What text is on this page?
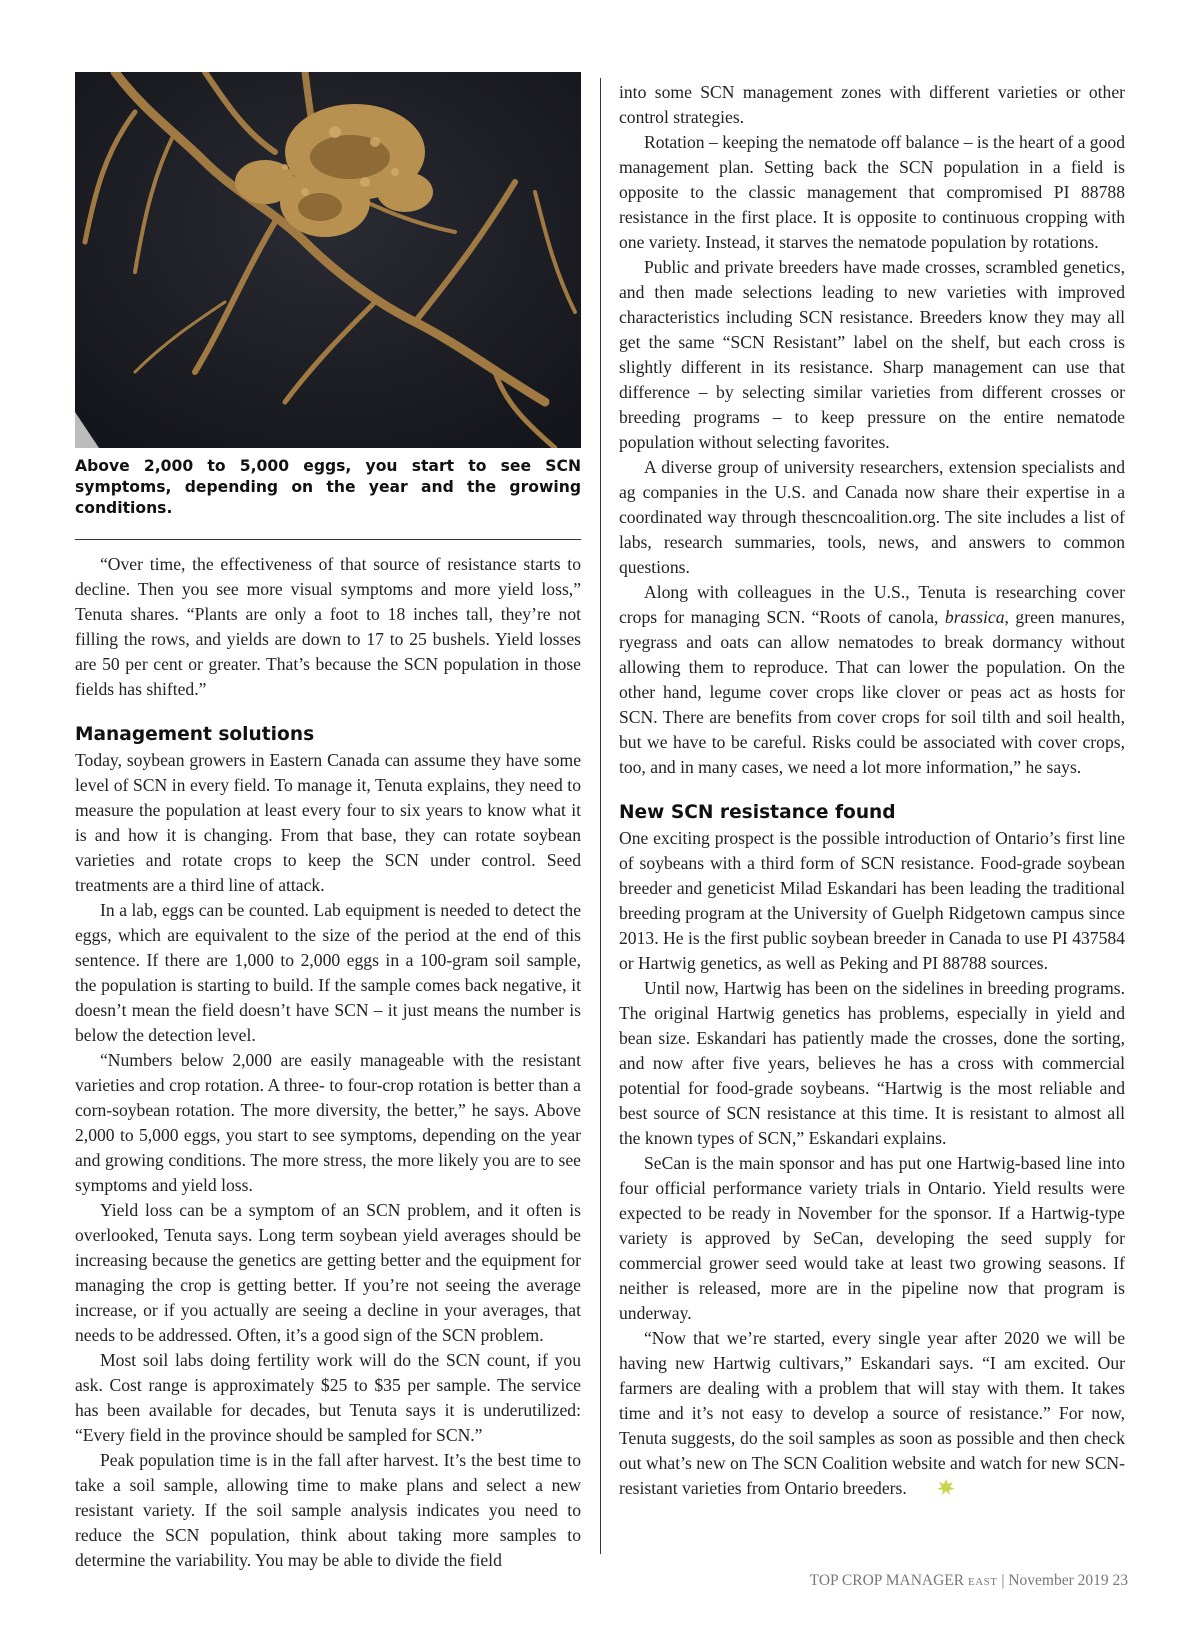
Above 2,000 to 5,000 eggs, you start to see SCN symptoms, depending on the year and the growing conditions.

“Over time, the effectiveness of that source of resistance starts to decline. Then you see more visual symptoms and more yield loss,” Tenuta shares. “Plants are only a foot to 18 inches tall, they’re not filling the rows, and yields are down to 17 to 25 bushels. Yield losses are 50 per cent or greater. That’s because the SCN population in those fields has shifted.”

Management solutions

Today, soybean growers in Eastern Canada can assume they have some level of SCN in every field. To manage it, Tenuta explains, they need to measure the population at least every four to six years to know what it is and how it is changing. From that base, they can rotate soybean varieties and rotate crops to keep the SCN under control. Seed treatments are a third line of attack.

In a lab, eggs can be counted. Lab equipment is needed to detect the eggs, which are equivalent to the size of the period at the end of this sentence. If there are 1,000 to 2,000 eggs in a 100-gram soil sample, the population is starting to build. If the sample comes back negative, it doesn’t mean the field doesn’t have SCN – it just means the number is below the detection level.

“Numbers below 2,000 are easily manageable with the resistant varieties and crop rotation. A three- to four-crop rotation is better than a corn-soybean rotation. The more diversity, the better,” he says. Above 2,000 to 5,000 eggs, you start to see symptoms, depending on the year and growing conditions. The more stress, the more likely you are to see symptoms and yield loss.

Yield loss can be a symptom of an SCN problem, and it often is overlooked, Tenuta says. Long term soybean yield averages should be increasing because the genetics are getting better and the equipment for managing the crop is getting better. If you’re not seeing the average increase, or if you actually are seeing a decline in your averages, that needs to be addressed. Often, it’s a good sign of the SCN problem.

Most soil labs doing fertility work will do the SCN count, if you ask. Cost range is approximately $25 to $35 per sample. The service has been available for decades, but Tenuta says it is underutilized: “Every field in the province should be sampled for SCN.”

Peak population time is in the fall after harvest. It’s the best time to take a soil sample, allowing time to make plans and select a new resistant variety. If the soil sample analysis indicates you need to reduce the SCN population, think about taking more samples to determine the variability. You may be able to divide the field

into some SCN management zones with different varieties or other control strategies.

Rotation – keeping the nematode off balance – is the heart of a good management plan. Setting back the SCN population in a field is opposite to the classic management that compromised PI 88788 resistance in the first place. It is opposite to continuous cropping with one variety. Instead, it starves the nematode population by rotations.

Public and private breeders have made crosses, scrambled genetics, and then made selections leading to new varieties with improved characteristics including SCN resistance. Breeders know they may all get the same “SCN Resistant” label on the shelf, but each cross is slightly different in its resistance. Sharp management can use that difference – by selecting similar varieties from different crosses or breeding programs – to keep pressure on the entire nematode population without selecting favorites.

A diverse group of university researchers, extension specialists and ag companies in the U.S. and Canada now share their expertise in a coordinated way through thescncoalition.org. The site includes a list of labs, research summaries, tools, news, and answers to common questions.

Along with colleagues in the U.S., Tenuta is researching cover crops for managing SCN. “Roots of canola, brassica, green manures, ryegrass and oats can allow nematodes to break dormancy without allowing them to reproduce. That can lower the population. On the other hand, legume cover crops like clover or peas act as hosts for SCN. There are benefits from cover crops for soil tilth and soil health, but we have to be careful. Risks could be associated with cover crops, too, and in many cases, we need a lot more information,” he says.

New SCN resistance found

One exciting prospect is the possible introduction of Ontario’s first line of soybeans with a third form of SCN resistance. Food-grade soybean breeder and geneticist Milad Eskandari has been leading the traditional breeding program at the University of Guelph Ridgetown campus since 2013. He is the first public soybean breeder in Canada to use PI 437584 or Hartwig genetics, as well as Peking and PI 88788 sources.

Until now, Hartwig has been on the sidelines in breeding programs. The original Hartwig genetics has problems, especially in yield and bean size. Eskandari has patiently made the crosses, done the sorting, and now after five years, believes he has a cross with commercial potential for food-grade soybeans. “Hartwig is the most reliable and best source of SCN resistance at this time. It is resistant to almost all the known types of SCN,” Eskandari explains.

SeCan is the main sponsor and has put one Hartwig-based line into four official performance variety trials in Ontario. Yield results were expected to be ready in November for the sponsor. If a Hartwig-type variety is approved by SeCan, developing the seed supply for commercial grower seed would take at least two growing seasons. If neither is released, more are in the pipeline now that program is underway.

“Now that we’re started, every single year after 2020 we will be having new Hartwig cultivars,” Eskandari says. “I am excited. Our farmers are dealing with a problem that will stay with them. It takes time and it’s not easy to develop a source of resistance.” For now, Tenuta suggests, do the soil samples as soon as possible and then check out what’s new on The SCN Coalition website and watch for new SCN-resistant varieties from Ontario breeders.

TOP CROP MANAGER EAST | November 2019 23
